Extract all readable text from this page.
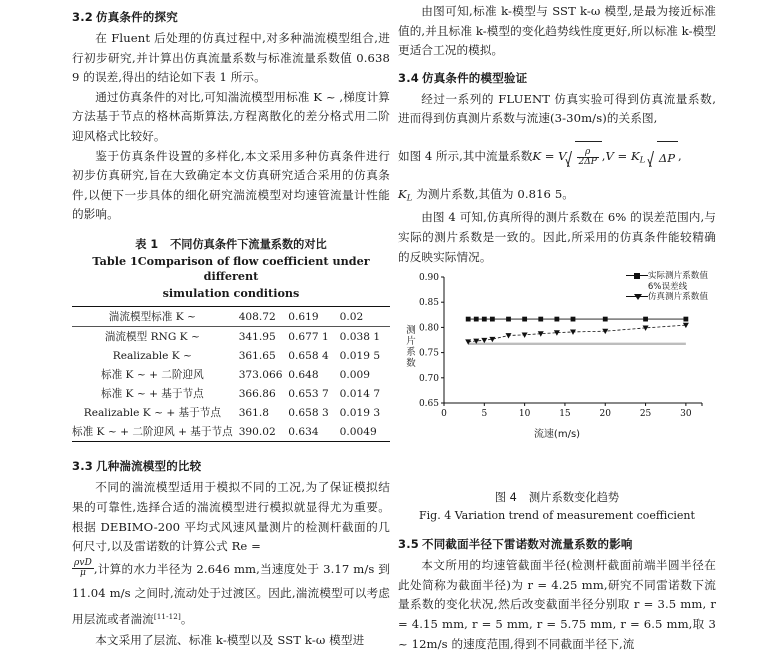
3.2 仿真条件的探究

在 Fluent 后处理的仿真过程中,对多种湍流模型组合,进行初步研究,并计算出仿真流量系数与标准流量系数值 0.638 9 的误差,得出的结论如下表 1 所示。

通过仿真条件的对比,可知湍流模型用标准 K ~ ,梯度计算方法基于节点的格林高斯算法,方程离散化的差分格式用二阶迎风格式比较好。

鉴于仿真条件设置的多样化,本文采用多种仿真条件进行初步仿真研究,旨在大致确定本文仿真研究适合采用的仿真条件,以便下一步具体的细化研究湍流模型对均速管流量计性能的影响。

表 1 不同仿真条件下流量系数的对比
Table 1Comparison of flow coefficient under different
simulation conditions
湍流模型标准 K ~	408.72	0.619	0.02
湍流模型 RNG K ~	341.95	0.677 1	0.038 1
Realizable K ~	361.65	0.658 4	0.019 5
标准 K ~ + 二阶迎风	373.066	0.648	0.009
标准 K ~ + 基于节点	366.86	0.653 7	0.014 7
Realizable K ~ + 基于节点	361.8	0.658 3	0.019 3
标准 K ~ + 二阶迎风 + 基于节点	390.02	0.634	0.0049
3.3 几种湍流模型的比较

不同的湍流模型适用于模拟不同的工况,为了保证模拟结果的可靠性,选择合适的湍流模型进行模拟就显得尤为重要。根据 DEBIMO-200 平均式风速风量测片的检测杆截面的几何尺寸,以及雷诺数的计算公式 Re =

$\frac{\text{ρvD}}{\mu}$ ,计算的水力半径为 2.646 mm,当速度处于 3.17 m/s 到 11.04 m/s 之间时,流动处于过渡区。因此,湍流模型可以考虑用层流或者湍流[11-12]。

本文采用了层流、标准 k-模型以及 SST k-ω 模型进

由图可知,标准 k-模型与 SST k-ω 模型,是最为接近标准值的,并且标准 k-模型的变化趋势线性度更好,所以标准 k-模型更适合工况的模拟。

3.4 仿真条件的模型验证

经过一系列的 FLUENT 仿真实验可得到仿真流量系数,进而得到仿真测片系数与流速(3-30m/s)的关系图,

如图 4 所示,其中流量系数K = V $\frac{\rho}{2\Delta P} ,V = K_L$ ΔP ,

$K_L$ 为测片系数,其值为 0.816 5。

由图 4 可知,仿真所得的测片系数在 6% 的误差范围内,与实际的测片系数是一致的。因此,所采用的仿真条件能较精确的反映实际情况。

实际测片系数值
6%误差线
仿真测片系数值
测片系数
0.65
0.70
0.75
0.80
0.85
0.90
0	5	10	15	20	25	30
流速(m/s)
图 4 测片系数变化趋势
Fig. 4 Variation trend of measurement coefficient
3.5 不同截面半径下雷诺数对流量系数的影响

本文所用的均速管截面半径(检测杆截面前端半圆半径在此处简称为截面半径)为 r = 4.25 mm,研究不同雷诺数下流量系数的变化状况,然后改变截面半径分别取 r = 3.5 mm, r = 4.15 mm, r = 5 mm, r = 5.75 mm, r = 6.5 mm,取 3 ~ 12m/s 的速度范围,得到不同截面半径下,流
